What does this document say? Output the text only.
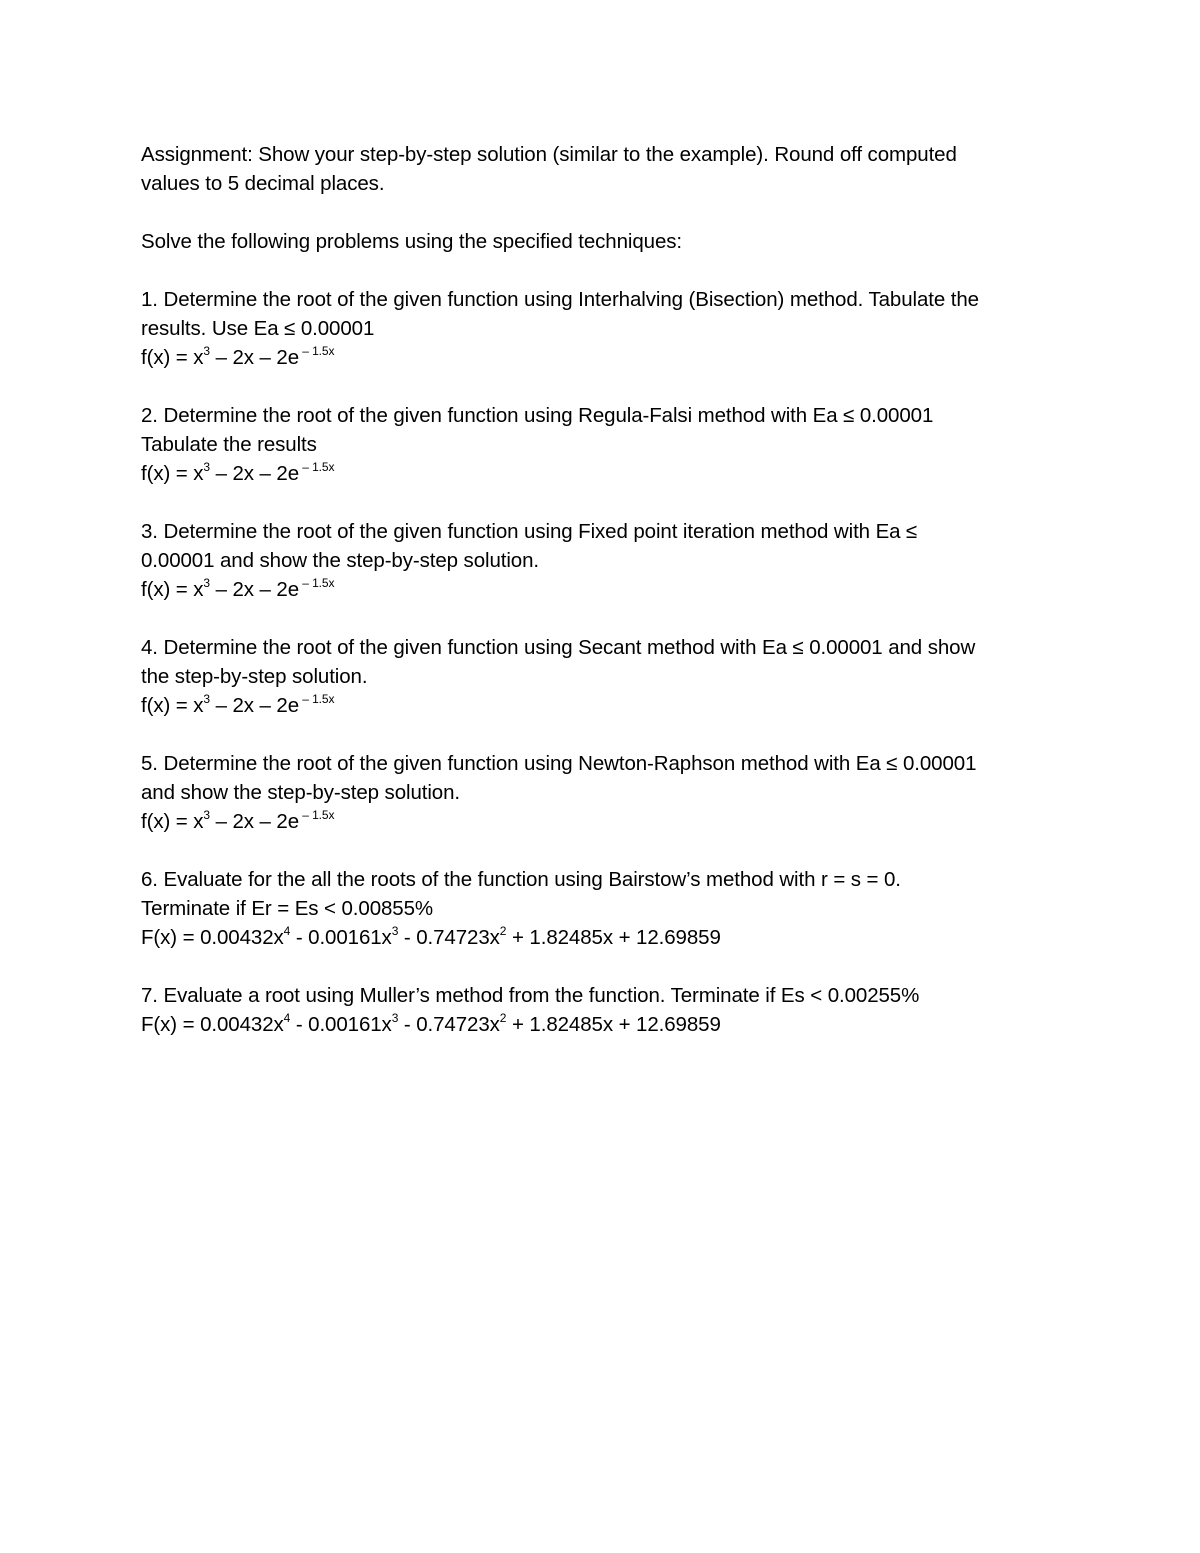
Assignment: Show your step-by-step solution (similar to the example). Round off computed
values to 5 decimal places.
Solve the following problems using the specified techniques:
1. Determine the root of the given function using Interhalving (Bisection) method. Tabulate the
results. Use Ea ≤ 0.00001
$f(x) = x^3 - 2x - 2e$ $^{- 1.5x}$
2. Determine the root of the given function using Regula-Falsi method with Ea ≤ 0.00001
Tabulate the results
$f(x) = x^3 - 2x - 2e$ $^{- 1.5x}$
3. Determine the root of the given function using Fixed point iteration method with Ea ≤
0.00001 and show the step-by-step solution.
$f(x) = x^3 - 2x - 2e$ $^{- 1.5x}$
4. Determine the root of the given function using Secant method with Ea ≤ 0.00001 and show
the step-by-step solution.
$f(x) = x^3 - 2x - 2e$ $^{- 1.5x}$
5. Determine the root of the given function using Newton-Raphson method with Ea ≤ 0.00001
and show the step-by-step solution.
$f(x) = x^3 - 2x - 2e$ $^{- 1.5x}$
6. Evaluate for the all the roots of the function using Bairstow’s method with r = s = 0.
Terminate if Er = Es < 0.00855%
$F(x) = 0.00432x^4 - 0.00161x^3 - 0.74723x^2 + 1.82485x + 12.69859$
7. Evaluate a root using Muller’s method from the function. Terminate if Es < 0.00255%
$F(x) = 0.00432x^4 - 0.00161x^3 - 0.74723x^2 + 1.82485x + 12.69859$
